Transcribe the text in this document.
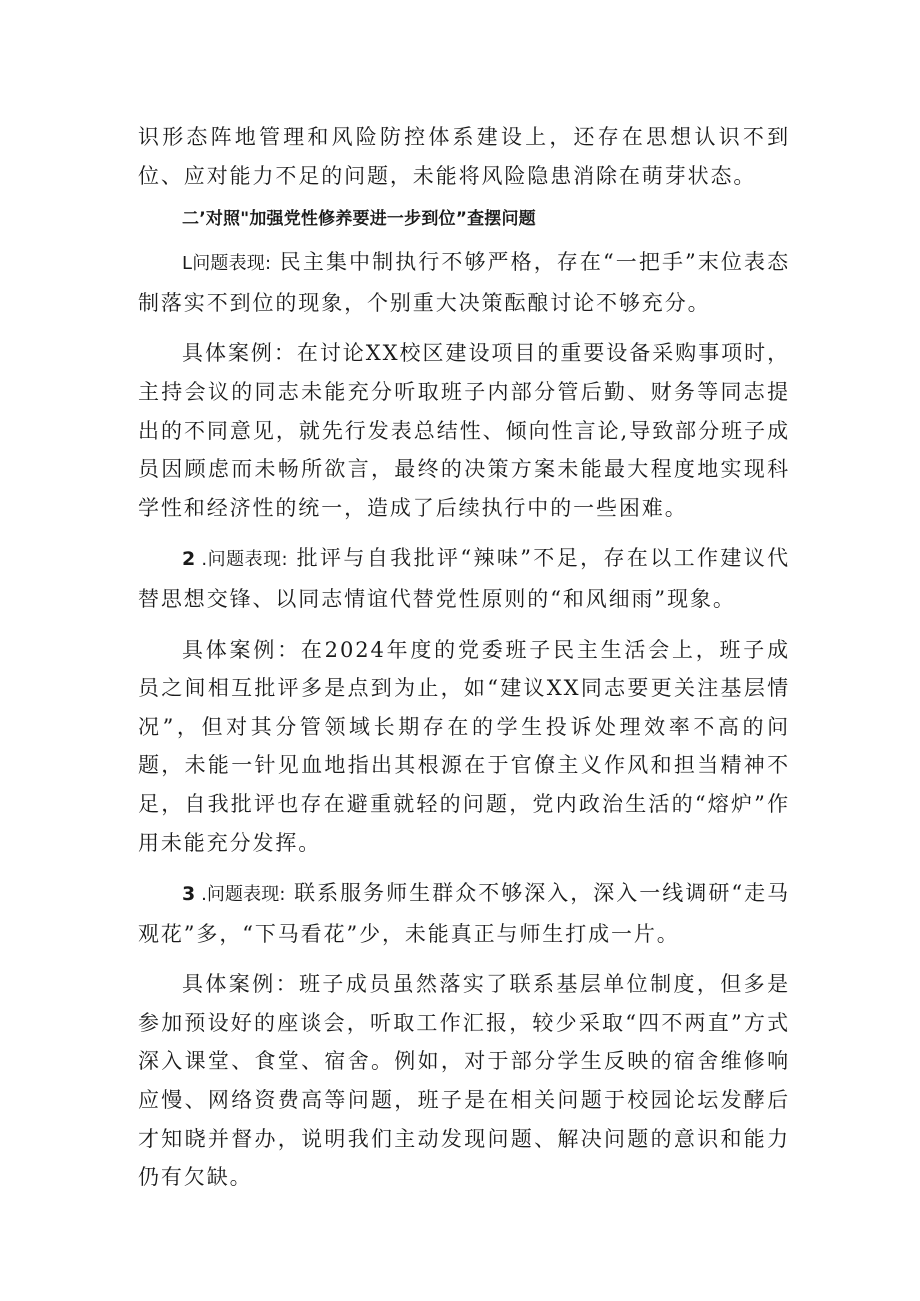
识形态阵地管理和风险防控体系建设上，还存在思想认识不到位、应对能力不足的问题，未能将风险隐患消除在萌芽状态。

二’对照"加强党性修养要进一步到位”查摆问题

L问题表现: 民主集中制执行不够严格，存在“一把手”末位表态制落实不到位的现象，个别重大决策酝酿讨论不够充分。

具体案例：在讨论XX校区建设项目的重要设备采购事项时，主持会议的同志未能充分听取班子内部分管后勤、财务等同志提出的不同意见，就先行发表总结性、倾向性言论,导致部分班子成员因顾虑而未畅所欲言，最终的决策方案未能最大程度地实现科学性和经济性的统一，造成了后续执行中的一些困难。

2 .问题表现: 批评与自我批评“辣味”不足，存在以工作建议代替思想交锋、以同志情谊代替党性原则的“和风细雨”现象。

具体案例：在2024年度的党委班子民主生活会上，班子成员之间相互批评多是点到为止，如“建议XX同志要更关注基层情况”，但对其分管领域长期存在的学生投诉处理效率不高的问题，未能一针见血地指出其根源在于官僚主义作风和担当精神不足，自我批评也存在避重就轻的问题，党内政治生活的“熔炉”作用未能充分发挥。

3 .问题表现: 联系服务师生群众不够深入，深入一线调研“走马观花”多，“下马看花”少，未能真正与师生打成一片。

具体案例：班子成员虽然落实了联系基层单位制度，但多是参加预设好的座谈会，听取工作汇报，较少采取“四不两直”方式深入课堂、食堂、宿舍。例如，对于部分学生反映的宿舍维修响应慢、网络资费高等问题，班子是在相关问题于校园论坛发酵后才知晓并督办，说明我们主动发现问题、解决问题的意识和能力仍有欠缺。
